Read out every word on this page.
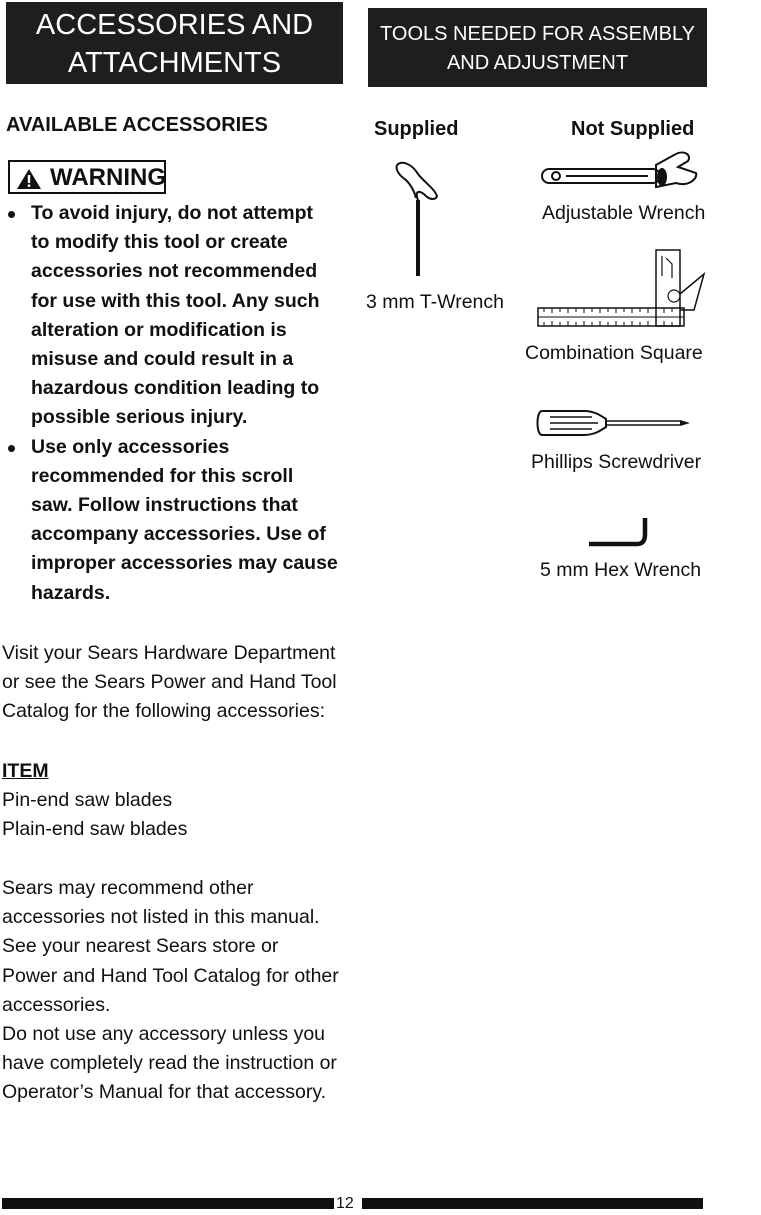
ACCESSORIES AND
ATTACHMENTS
TOOLS NEEDED FOR ASSEMBLY
AND ADJUSTMENT
AVAILABLE ACCESSORIES
WARNING
To avoid injury, do not attempt
to modify this tool or create
accessories not recommended
for use with this tool. Any such
alteration or modification is
misuse and could result in a
hazardous condition leading to
possible serious injury.
Use only accessories
recommended for this scroll
saw. Follow instructions that
accompany accessories. Use of
improper accessories may cause
hazards.
Visit your Sears Hardware Department
or see the Sears Power and Hand Tool
Catalog for the following accessories:
ITEM
Pin-end saw blades
Plain-end saw blades
Sears may recommend other
accessories not listed in this manual.
See your nearest Sears store or
Power and Hand Tool Catalog for other
accessories.
Do not use any accessory unless you
have completely read the instruction or
Operator’s Manual for that accessory.
Supplied	Not Supplied
3 mm T-Wrench
Adjustable Wrench
Combination Square
Phillips Screwdriver
5 mm Hex Wrench
12
